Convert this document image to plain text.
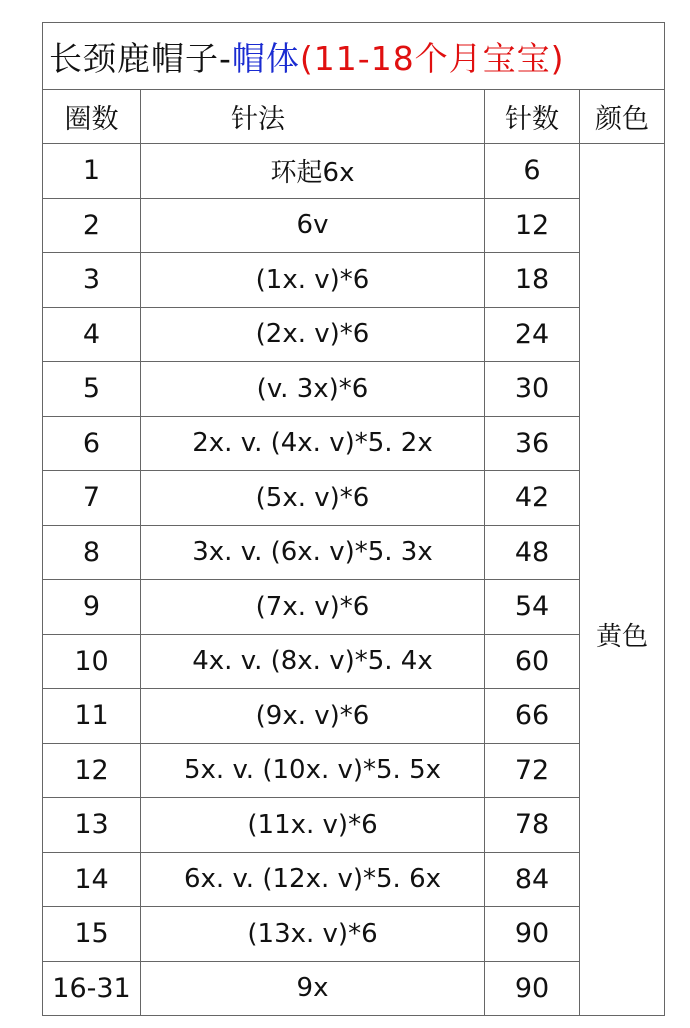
长颈鹿帽子-帽体(11-18个月宝宝)			
圈数	针法	针数	颜色
1	环起6x	6	黄色
2	6v	12	
3	(1x. v)*6	18	
4	(2x. v)*6	24	
5	(v. 3x)*6	30	
6	2x. v. (4x. v)*5. 2x	36	
7	(5x. v)*6	42	
8	3x. v. (6x. v)*5. 3x	48	
9	(7x. v)*6	54	
10	4x. v. (8x. v)*5. 4x	60	
11	(9x. v)*6	66	
12	5x. v. (10x. v)*5. 5x	72	
13	(11x. v)*6	78	
14	6x. v. (12x. v)*5. 6x	84	
15	(13x. v)*6	90	
16-31	9x	90	
